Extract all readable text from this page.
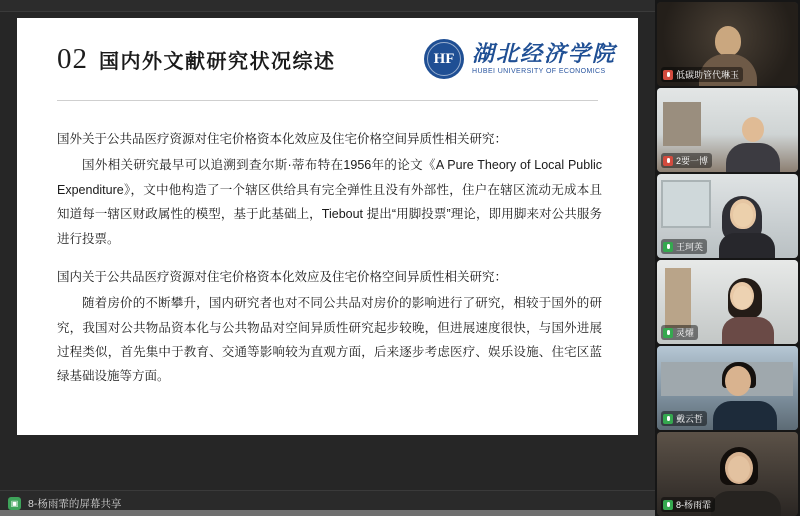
02 国内外文献研究状况综述	HF 湖北经济学院
HUBEI UNIVERSITY OF ECONOMICS
国外关于公共品医疗资源对住宅价格资本化效应及住宅价格空间异质性相关研究：
国外相关研究最早可以追溯到查尔斯·蒂布特在1956年的论文《A Pure Theory of Local Public Expenditure》，文中他构造了一个辖区供给具有完全弹性且没有外部性，住户在辖区流动无成本且知道每一辖区财政属性的模型，基于此基础上，Tiebout 提出“用脚投票”理论，即用脚来对公共服务进行投票。
国内关于公共品医疗资源对住宅价格资本化效应及住宅价格空间异质性相关研究：
随着房价的不断攀升，国内研究者也对不同公共品对房价的影响进行了研究，相较于国外的研究，我国对公共物品资本化与公共物品对空间异质性研究起步较晚，但进展速度很快，与国外进展过程类似，首先集中于教育、交通等影响较为直观方面，后来逐步考虑医疗、娱乐设施、住宅区蓝绿基础设施等方面。
▣ 8-杨雨霏的屏幕共享
低碳助管代琳玉
2要一博
王珂英
灵燿
戴云哲
8-杨雨霏
